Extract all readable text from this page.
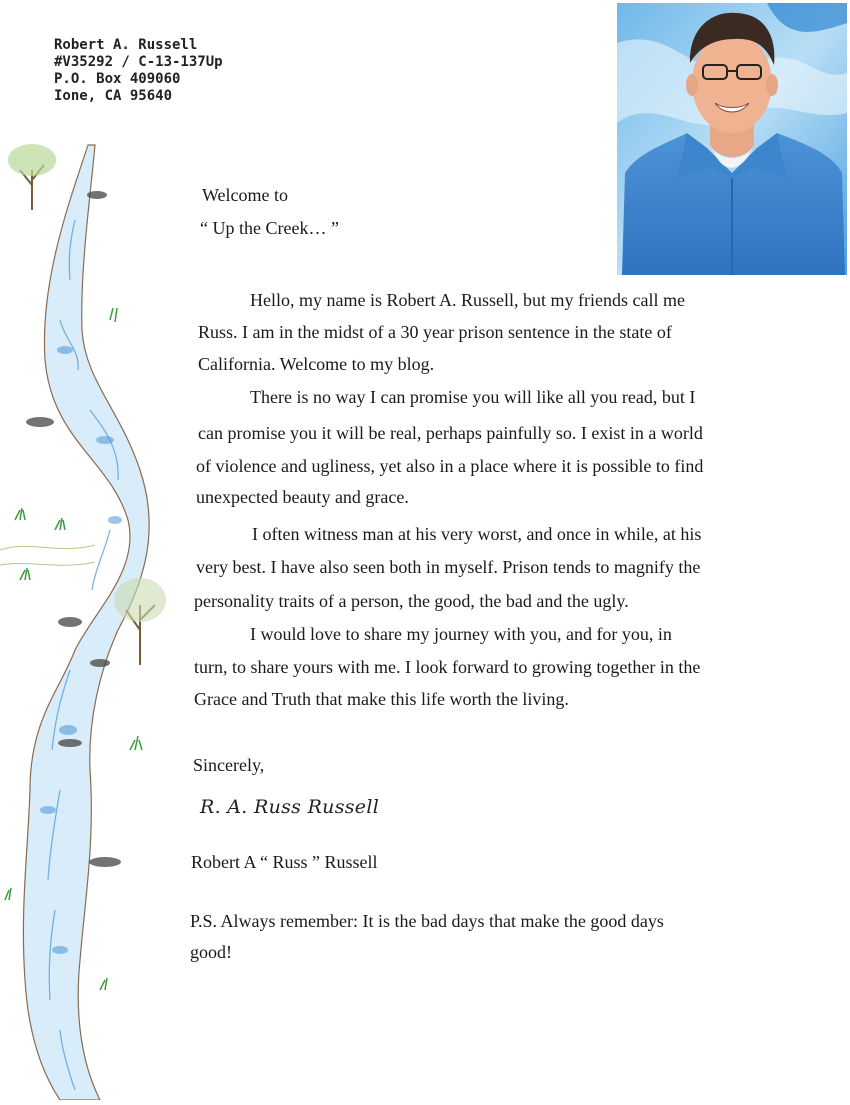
Robert A. Russell
#V35292 / C-13-137Up
P.O. Box 409060
Ione, CA 95640
Welcome to
“ Up the Creek… ”
Hello, my name is Robert A. Russell, but my friends call me
Russ. I am in the midst of a 30 year prison sentence in the state of
California. Welcome to my blog.
There is no way I can promise you will like all you read, but I
can promise you it will be real, perhaps painfully so. I exist in a world
of violence and ugliness, yet also in a place where it is possible to find
unexpected beauty and grace.
I often witness man at his very worst, and once in while, at his
very best. I have also seen both in myself. Prison tends to magnify the
personality traits of a person, the good, the bad and the ugly.
I would love to share my journey with you, and for you, in
turn, to share yours with me. I look forward to growing together in the
Grace and Truth that make this life worth the living.
Sincerely,
Robert A “ Russ ” Russell
P.S. Always remember: It is the bad days that make the good days
good!
R. A. Russ Russell
